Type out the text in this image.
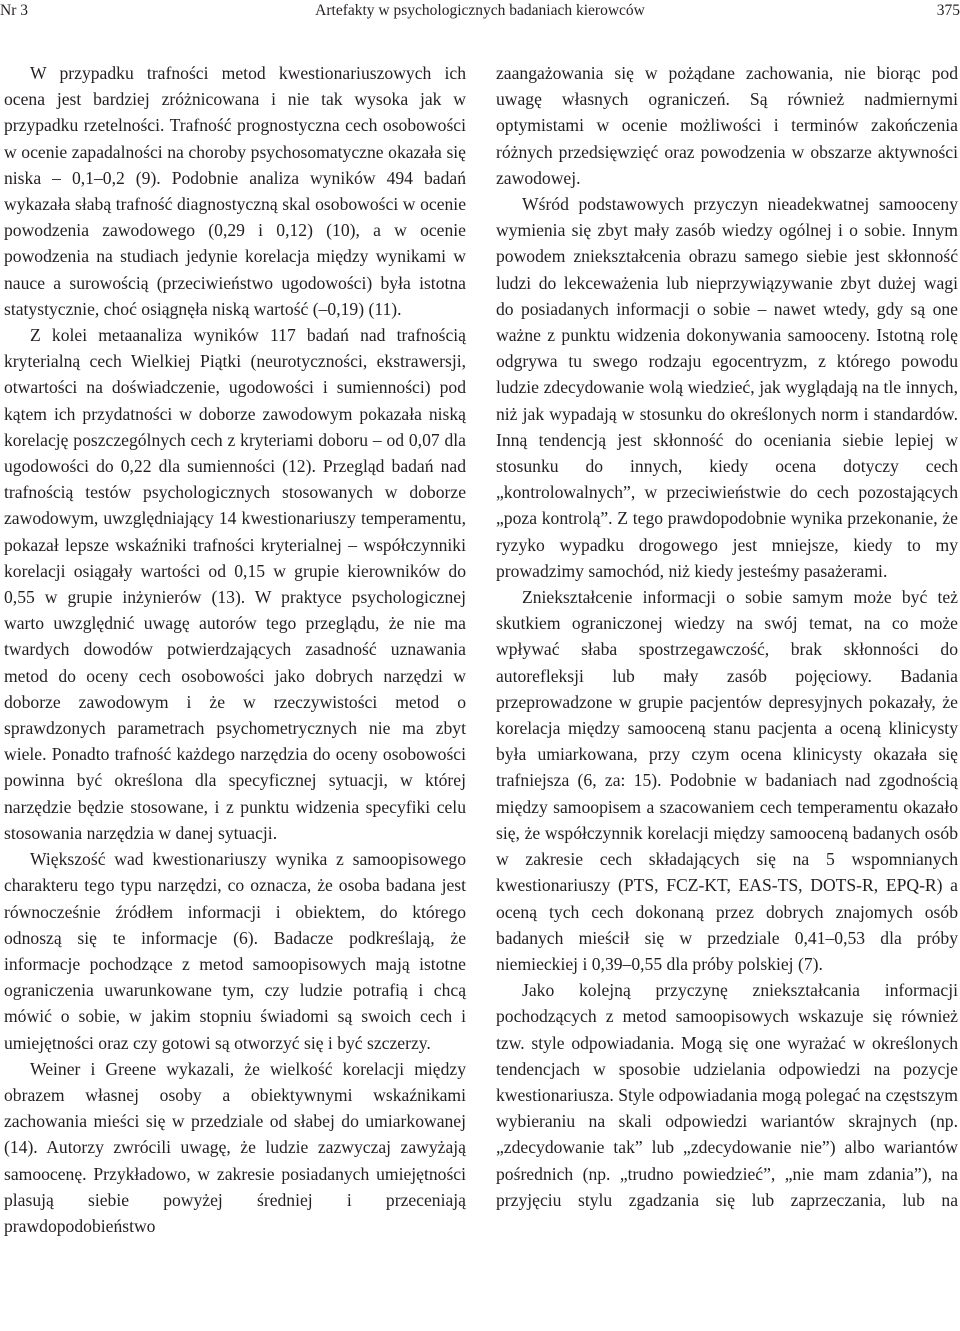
Nr 3	Artefakty w psychologicznych badaniach kierowców	375

W przypadku trafności metod kwestionariuszowych ich ocena jest bardziej zróżnicowana i nie tak wysoka jak w przypadku rzetelności. Trafność prognostyczna cech osobowości w ocenie zapadalności na choroby psychosomatyczne okazała się niska – 0,1–0,2 (9). Podobnie analiza wyników 494 badań wykazała słabą trafność diagnostyczną skal osobowości w ocenie powodzenia zawodowego (0,29 i 0,12) (10), a w ocenie powodzenia na studiach jedynie korelacja między wynikami w nauce a surowością (przeciwieństwo ugodowości) była istotna statystycznie, choć osiągnęła niską wartość (–0,19) (11).

Z kolei metaanaliza wyników 117 badań nad trafnością kryterialną cech Wielkiej Piątki (neurotyczności, ekstrawersji, otwartości na doświadczenie, ugodowości i sumienności) pod kątem ich przydatności w doborze zawodowym pokazała niską korelację poszczególnych cech z kryteriami doboru – od 0,07 dla ugodowości do 0,22 dla sumienności (12). Przegląd badań nad trafnością testów psychologicznych stosowanych w doborze zawodowym, uwzględniający 14 kwestionariuszy temperamentu, pokazał lepsze wskaźniki trafności kryterialnej – współczynniki korelacji osiągały wartości od 0,15 w grupie kierowników do 0,55 w grupie inżynierów (13). W praktyce psychologicznej warto uwzględnić uwagę autorów tego przeglądu, że nie ma twardych dowodów potwierdzających zasadność uznawania metod do oceny cech osobowości jako dobrych narzędzi w doborze zawodowym i że w rzeczywistości metod o sprawdzonych parametrach psychometrycznych nie ma zbyt wiele. Ponadto trafność każdego narzędzia do oceny osobowości powinna być określona dla specyficznej sytuacji, w której narzędzie będzie stosowane, i z punktu widzenia specyfiki celu stosowania narzędzia w danej sytuacji.

Większość wad kwestionariuszy wynika z samoopisowego charakteru tego typu narzędzi, co oznacza, że osoba badana jest równocześnie źródłem informacji i obiektem, do którego odnoszą się te informacje (6). Badacze podkreślają, że informacje pochodzące z metod samoopisowych mają istotne ograniczenia uwarunkowane tym, czy ludzie potrafią i chcą mówić o sobie, w jakim stopniu świadomi są swoich cech i umiejętności oraz czy gotowi są otworzyć się i być szczerzy.

Weiner i Greene wykazali, że wielkość korelacji między obrazem własnej osoby a obiektywnymi wskaźnikami zachowania mieści się w przedziale od słabej do umiarkowanej (14). Autorzy zwrócili uwagę, że ludzie zazwyczaj zawyżają samoocenę. Przykładowo, w zakresie posiadanych umiejętności plasują siebie powyżej średniej i przeceniają prawdopodobieństwo

zaangażowania się w pożądane zachowania, nie biorąc pod uwagę własnych ograniczeń. Są również nadmiernymi optymistami w ocenie możliwości i terminów zakończenia różnych przedsięwzięć oraz powodzenia w obszarze aktywności zawodowej.

Wśród podstawowych przyczyn nieadekwatnej samooceny wymienia się zbyt mały zasób wiedzy ogólnej i o sobie. Innym powodem zniekształcenia obrazu samego siebie jest skłonność ludzi do lekceważenia lub nieprzywiązywanie zbyt dużej wagi do posiadanych informacji o sobie – nawet wtedy, gdy są one ważne z punktu widzenia dokonywania samooceny. Istotną rolę odgrywa tu swego rodzaju egocentryzm, z którego powodu ludzie zdecydowanie wolą wiedzieć, jak wyglądają na tle innych, niż jak wypadają w stosunku do określonych norm i standardów. Inną tendencją jest skłonność do oceniania siebie lepiej w stosunku do innych, kiedy ocena dotyczy cech „kontrolowalnych”, w przeciwieństwie do cech pozostających „poza kontrolą”. Z tego prawdopodobnie wynika przekonanie, że ryzyko wypadku drogowego jest mniejsze, kiedy to my prowadzimy samochód, niż kiedy jesteśmy pasażerami.

Zniekształcenie informacji o sobie samym może być też skutkiem ograniczonej wiedzy na swój temat, na co może wpływać słaba spostrzegawczość, brak skłonności do autorefleksji lub mały zasób pojęciowy. Badania przeprowadzone w grupie pacjentów depresyjnych pokazały, że korelacja między samooceną stanu pacjenta a oceną klinicysty była umiarkowana, przy czym ocena klinicysty okazała się trafniejsza (6, za: 15). Podobnie w badaniach nad zgodnością między samoopisem a szacowaniem cech temperamentu okazało się, że współczynnik korelacji między samooceną badanych osób w zakresie cech składających się na 5 wspomnianych kwestionariuszy (PTS, FCZ-KT, EAS-TS, DOTS-R, EPQ-R) a oceną tych cech dokonaną przez dobrych znajomych osób badanych mieścił się w przedziale 0,41–0,53 dla próby niemieckiej i 0,39–0,55 dla próby polskiej (7).

Jako kolejną przyczynę zniekształcania informacji pochodzących z metod samoopisowych wskazuje się również tzw. style odpowiadania. Mogą się one wyrażać w określonych tendencjach w sposobie udzielania odpowiedzi na pozycje kwestionariusza. Style odpowiadania mogą polegać na częstszym wybieraniu na skali odpowiedzi wariantów skrajnych (np. „zdecydowanie tak” lub „zdecydowanie nie”) albo wariantów pośrednich (np. „trudno powiedzieć”, „nie mam zdania”), na przyjęciu stylu zgadzania się lub zaprzeczania, lub na
